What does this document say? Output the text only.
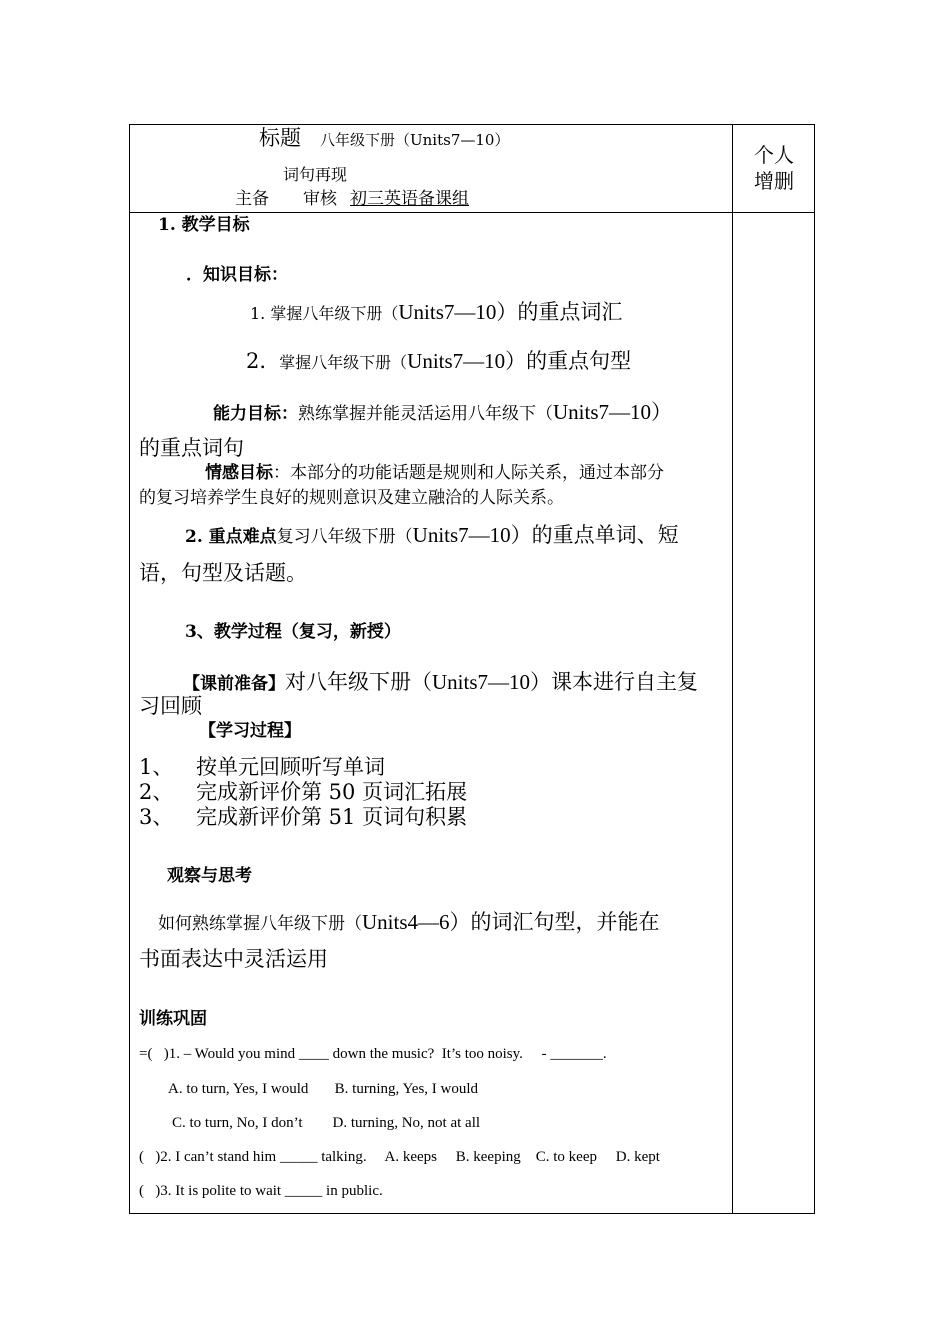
标题 八年级下册（Units7—10）
词句再现
主备 审核 初三英语备课组
个人增删
1. 教学目标
．知识目标：
1. 掌握八年级下册（Units7—10）的重点词汇
2. 掌握八年级下册（Units7—10）的重点句型
能力目标：熟练掌握并能灵活运用八年级下（Units7—10）
的重点词句
情感目标：本部分的功能话题是规则和人际关系，通过本部分
的复习培养学生良好的规则意识及建立融洽的人际关系。
2. 重点难点复习八年级下册（Units7—10）的重点单词、短
语，句型及话题。
3、教学过程（复习，新授）
【课前准备】对八年级下册（Units7—10）课本进行自主复
习回顾
【学习过程】
1、 按单元回顾听写单词
2、 完成新评价第 50 页词汇拓展
3、 完成新评价第 51 页词句积累
观察与思考
如何熟练掌握八年级下册（Units4—6）的词汇句型，并能在
书面表达中灵活运用
训练巩固
=(   )1. – Would you mind ____ down the music?  It’s too noisy.     - _______.
A. to turn, Yes, I would       B. turning, Yes, I would
C. to turn, No, I don’t        D. turning, No, not at all
(   )2. I can’t stand him _____ talking.     A. keeps     B. keeping    C. to keep     D. kept
(   )3. It is polite to wait _____ in public.
